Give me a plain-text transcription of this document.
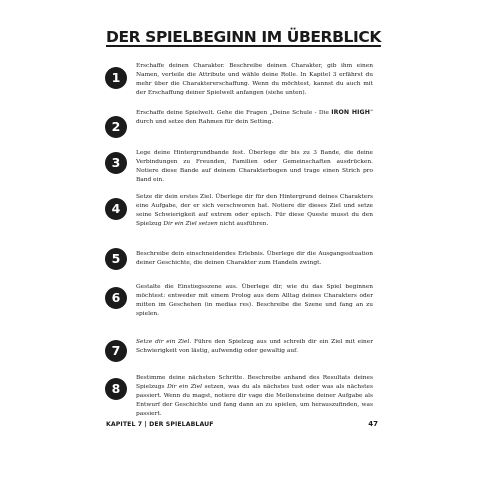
DER SPIELBEGINN IM ÜBERBLICK
1
Erschaffe deinen Charakter. Beschreibe deinen Charakter, gib ihm einen Namen, verteile die Attribute und wähle deine Rolle. In Kapitel 3 erfährst du mehr über die Charaktererschaffung. Wenn du möchtest, kannst du auch mit der Erschaffung deiner Spielwelt anfangen (siehe unten).
2
Erschaffe deine Spielwelt. Gehe die Fragen „Deine Schule - Die IRON HIGH“ durch und setze den Rahmen für dein Setting.
3
Lege deine Hintergrundbande fest. Überlege dir bis zu 3 Bande, die deine Verbindungen zu Freunden, Familien oder Gemeinschaften ausdrücken. Notiere diese Bande auf deinem Charakterbogen und trage einen Strich pro Band ein.
4
Setze dir dein erstes Ziel. Überlege dir für den Hintergrund deines Charakters eine Aufgabe, der er sich verschworen hat. Notiere dir dieses Ziel und setze seine Schwierigkeit auf extrem oder episch. Für diese Queste musst du den Spielzug Dir ein Ziel setzen nicht ausführen.
5	Beschreibe dein einschneidendes Erlebnis. Überlege dir die Ausgangssituation deiner Geschichte, die deinen Charakter zum Handeln zwingt.
6
Gestalte die Einstiegsszene aus. Überlege dir, wie du das Spiel beginnen möchtest: entweder mit einem Prolog aus dem Alltag deines Charakters oder mitten im Geschehen (in medias res). Beschreibe die Szene und fang an zu spielen.
7
Setze dir ein Ziel. Führe den Spielzug aus und schreib dir ein Ziel mit einer Schwierigkeit von lästig, aufwendig oder gewaltig auf.
8
Bestimme deine nächsten Schritte. Beschreibe anhand des Resultats deines Spielzugs Dir ein Ziel setzen, was du als nächstes tust oder was als nächstes passiert. Wenn du magst, notiere dir vage die Meilensteine deiner Aufgabe als Entwurf der Geschichte und fang dann an zu spielen, um herauszufinden, was passiert.
KAPITEL 7 | DER SPIELABLAUF	47
